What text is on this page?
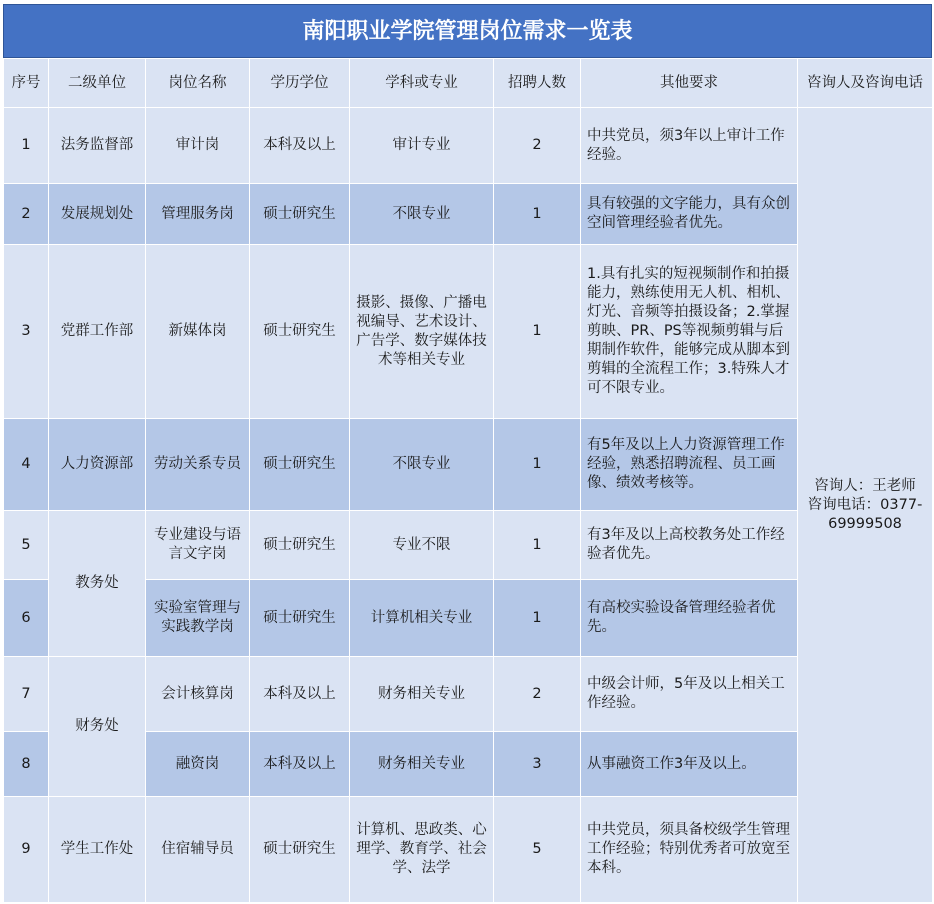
南阳职业学院管理岗位需求一览表
序号	二级单位	岗位名称	学历学位	学科或专业	招聘人数	其他要求	咨询人及咨询电话
1	法务监督部	审计岗	本科及以上	审计专业	2	中共党员，须3年以上审计工作经验。	咨询人：王老师
咨询电话：0377-69999508

2	发展规划处	管理服务岗	硕士研究生	不限专业	1	具有较强的文字能力，具有众创空间管理经验者优先。	
3	党群工作部	新媒体岗	硕士研究生	摄影、摄像、广播电视编导、艺术设计、广告学、数字媒体技术等相关专业	1	1.具有扎实的短视频制作和拍摄能力，熟练使用无人机、相机、灯光、音频等拍摄设备；2.掌握剪映、PR、PS等视频剪辑与后期制作软件，能够完成从脚本到剪辑的全流程工作；3.特殊人才可不限专业。	
4	人力资源部	劳动关系专员	硕士研究生	不限专业	1	有5年及以上人力资源管理工作经验，熟悉招聘流程、员工画像、绩效考核等。	
5	教务处	专业建设与语言文字岗	硕士研究生	专业不限	1	有3年及以上高校教务处工作经验者优先。	
6		实验室管理与实践教学岗	硕士研究生	计算机相关专业	1	有高校实验设备管理经验者优先。	
7	财务处	会计核算岗	本科及以上	财务相关专业	2	中级会计师，5年及以上相关工作经验。	
8		融资岗	本科及以上	财务相关专业	3	从事融资工作3年及以上。	
9	学生工作处	住宿辅导员	硕士研究生	计算机、思政类、心理学、教育学、社会学、法学	5	中共党员，须具备校级学生管理工作经验；特别优秀者可放宽至本科。	
